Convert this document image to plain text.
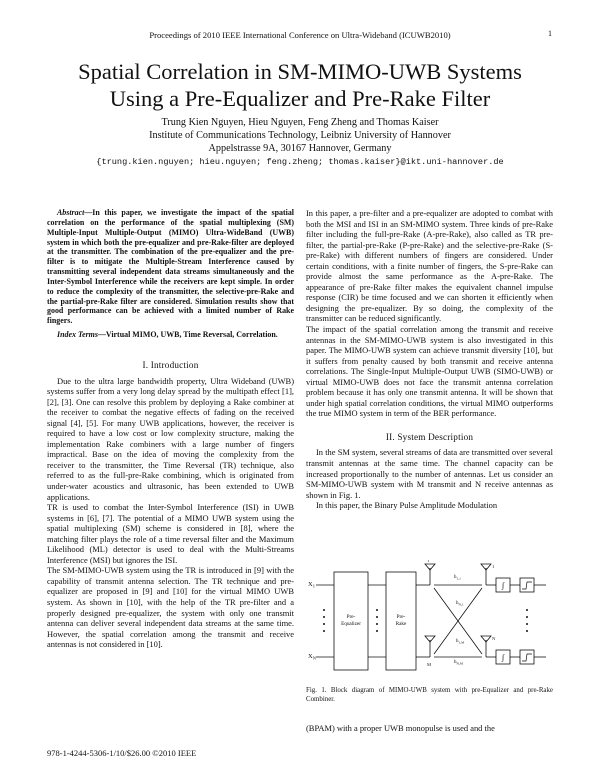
Proceedings of 2010 IEEE International Conference on Ultra-Wideband (ICUWB2010)	1
Spatial Correlation in SM-MIMO-UWB Systems
Using a Pre-Equalizer and Pre-Rake Filter
Trung Kien Nguyen, Hieu Nguyen, Feng Zheng and Thomas Kaiser
Institute of Communications Technology, Leibniz University of Hannover
Appelstrasse 9A, 30167 Hannover, Germany
{trung.kien.nguyen; hieu.nguyen; feng.zheng; thomas.kaiser}@ikt.uni-hannover.de

Abstract—In this paper, we investigate the impact of the spatial correlation on the performance of the spatial multiplexing (SM) Multiple-Input Multiple-Output (MIMO) Ultra-WideBand (UWB) system in which both the pre-equalizer and pre-Rake-filter are deployed at the transmitter. The combination of the pre-equalizer and the pre-filter is to mitigate the Multiple-Stream Interference caused by transmitting several independent data streams simultaneously and the Inter-Symbol Interference while the receivers are kept simple. In order to reduce the complexity of the transmitter, the selective-pre-Rake and the partial-pre-Rake filter are considered. Simulation results show that good performance can be achieved with a limited number of Rake fingers.

Index Terms—Virtual MIMO, UWB, Time Reversal, Correlation.

I. Introduction

Due to the ultra large bandwidth property, Ultra Wideband (UWB) systems suffer from a very long delay spread by the multipath effect [1], [2], [3]. One can resolve this problem by deploying a Rake combiner at the receiver to combat the negative effects of fading on the received signal [4], [5]. For many UWB applications, however, the receiver is required to have a low cost or low complexity structure, making the implementation Rake combiners with a large number of fingers impractical. Base on the idea of moving the complexity from the receiver to the transmitter, the Time Reversal (TR) technique, also referred to as the full-pre-Rake combining, which is originated from under-water acoustics and ultrasonic, has been extended to UWB applications.

TR is used to combat the Inter-Symbol Interference (ISI) in UWB systems in [6], [7]. The potential of a MIMO UWB system using the spatial multiplexing (SM) scheme is considered in [8], where the matching filter plays the role of a time reversal filter and the Maximum Likelihood (ML) detector is used to deal with the Multi-Streams Interference (MSI) but ignores the ISI.

The SM-MIMO-UWB system using the TR is introduced in [9] with the capability of transmit antenna selection. The TR technique and pre-equalizer are proposed in [9] and [10] for the virtual MIMO UWB system. As shown in [10], with the help of the TR pre-filter and a properly designed pre-equalizer, the system with only one transmit antenna can deliver several independent data streams at the same time. However, the spatial correlation among the transmit and receive antennas is not considered in [10].

In this paper, a pre-filter and a pre-equalizer are adopted to combat with both the MSI and ISI in an SM-MIMO system. Three kinds of pre-Rake filter including the full-pre-Rake (A-pre-Rake), also called as TR pre-filter, the partial-pre-Rake (P-pre-Rake) and the selective-pre-Rake (S-pre-Rake) with different numbers of fingers are considered. Under certain conditions, with a finite number of fingers, the S-pre-Rake can provide almost the same performance as the A-pre-Rake. The appearance of pre-Rake filter makes the equivalent channel impulse response (CIR) be time focused and we can shorten it efficiently when designing the pre-equalizer. By so doing, the complexity of the transmitter can be reduced significantly.

The impact of the spatial correlation among the transmit and receive antennas in the SM-MIMO-UWB system is also investigated in this paper. The MIMO-UWB system can achieve transmit diversity [10], but it suffers from penalty caused by both transmit and receive antenna correlations. The Single-Input Multiple-Output UWB (SIMO-UWB) or virtual MIMO-UWB does not face the transmit antenna correlation problem because it has only one transmit antenna. It will be shown that under high spatial correlation conditions, the virtual MIMO outperforms the true MIMO system in term of the BER performance.

II. System Description

In the SM system, several streams of data are transmitted over several transmit antennas at the same time. The channel capacity can be increased proportionally to the number of antennas. Let us consider an SM-MIMO-UWB system with M transmit and N receive antennas as shown in Fig. 1.

In this paper, the Binary Pulse Amplitude Modulation

$X_1$
$X_N$
Pre-
Equalizer
Pre-
Rake
1
M
$h_{1,1}$
$h_{N,1}$
$h_{1,M}$
$h_{N,M}$
1
N
∫
∫
Fig. 1. Block diagram of MIMO-UWB system with pre-Equalizer and pre-Rake Combiner.
(BPAM) with a proper UWB monopulse is used and the
978-1-4244-5306-1/10/$26.00 ©2010 IEEE
